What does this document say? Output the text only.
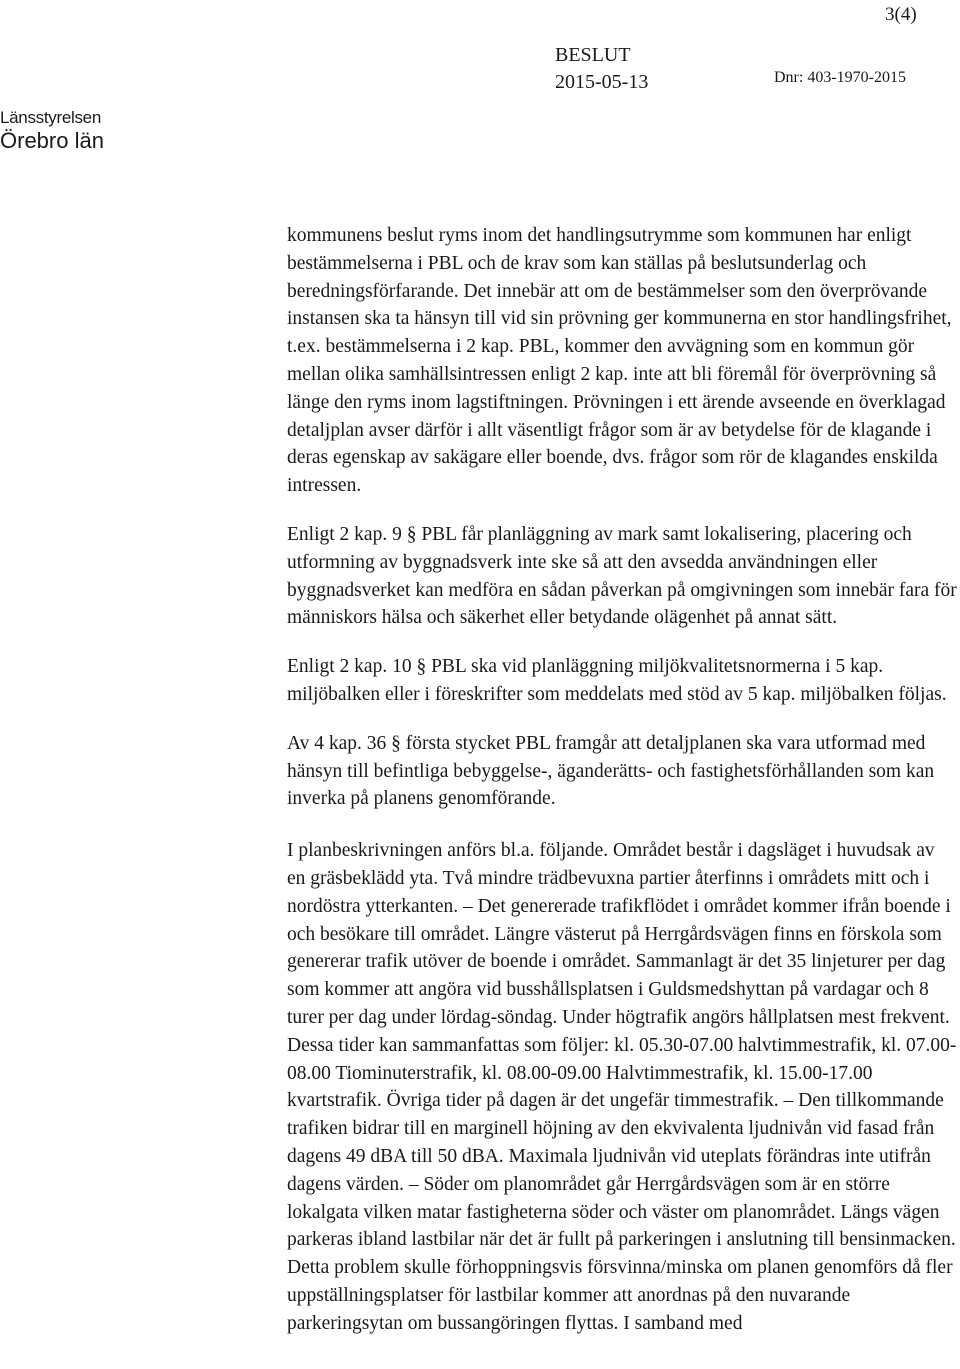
3(4)
BESLUT
2015-05-13	Dnr: 403-1970-2015
Länsstyrelsen
Örebro län

kommunens beslut ryms inom det handlingsutrymme som kommunen har enligt bestämmelserna i PBL och de krav som kan ställas på beslutsunderlag och beredningsförfarande. Det innebär att om de bestämmelser som den överprövande instansen ska ta hänsyn till vid sin prövning ger kommunerna en stor handlingsfrihet, t.ex. bestämmelserna i 2 kap. PBL, kommer den avvägning som en kommun gör mellan olika samhällsintressen enligt 2 kap. inte att bli föremål för överprövning så länge den ryms inom lagstiftningen. Prövningen i ett ärende avseende en överklagad detaljplan avser därför i allt väsentligt frågor som är av betydelse för de klagande i deras egenskap av sakägare eller boende, dvs. frågor som rör de klagandes enskilda intressen.

Enligt 2 kap. 9 § PBL får planläggning av mark samt lokalisering, placering och utformning av byggnadsverk inte ske så att den avsedda användningen eller byggnadsverket kan medföra en sådan påverkan på omgivningen som innebär fara för människors hälsa och säkerhet eller betydande olägenhet på annat sätt.

Enligt 2 kap. 10 § PBL ska vid planläggning miljökvalitetsnormerna i 5 kap. miljöbalken eller i föreskrifter som meddelats med stöd av 5 kap. miljöbalken följas.

Av 4 kap. 36 § första stycket PBL framgår att detaljplanen ska vara utformad med hänsyn till befintliga bebyggelse-, äganderätts- och fastighetsförhållanden som kan inverka på planens genomförande.

I planbeskrivningen anförs bl.a. följande. Området består i dagsläget i huvudsak av en gräsbeklädd yta. Två mindre trädbevuxna partier återfinns i områdets mitt och i nordöstra ytterkanten. – Det genererade trafikflödet i området kommer ifrån boende i och besökare till området. Längre västerut på Herrgårdsvägen finns en förskola som genererar trafik utöver de boende i området. Sammanlagt är det 35 linjeturer per dag som kommer att angöra vid busshållsplatsen i Guldsmedshyttan på vardagar och 8 turer per dag under lördag-söndag. Under högtrafik angörs hållplatsen mest frekvent. Dessa tider kan sammanfattas som följer: kl. 05.30-07.00 halvtimmestrafik, kl. 07.00-08.00 Tiominuterstrafik, kl. 08.00-09.00 Halvtimmestrafik, kl. 15.00-17.00 kvartstrafik. Övriga tider på dagen är det ungefär timmestrafik. – Den tillkommande trafiken bidrar till en marginell höjning av den ekvivalenta ljudnivån vid fasad från dagens 49 dBA till 50 dBA. Maximala ljudnivån vid uteplats förändras inte utifrån dagens värden. – Söder om planområdet går Herrgårdsvägen som är en större lokalgata vilken matar fastigheterna söder och väster om planområdet. Längs vägen parkeras ibland lastbilar när det är fullt på parkeringen i anslutning till bensinmacken. Detta problem skulle förhoppningsvis försvinna/minska om planen genomförs då fler uppställningsplatser för lastbilar kommer att anordnas på den nuvarande parkeringsytan om bussangöringen flyttas. I samband med
